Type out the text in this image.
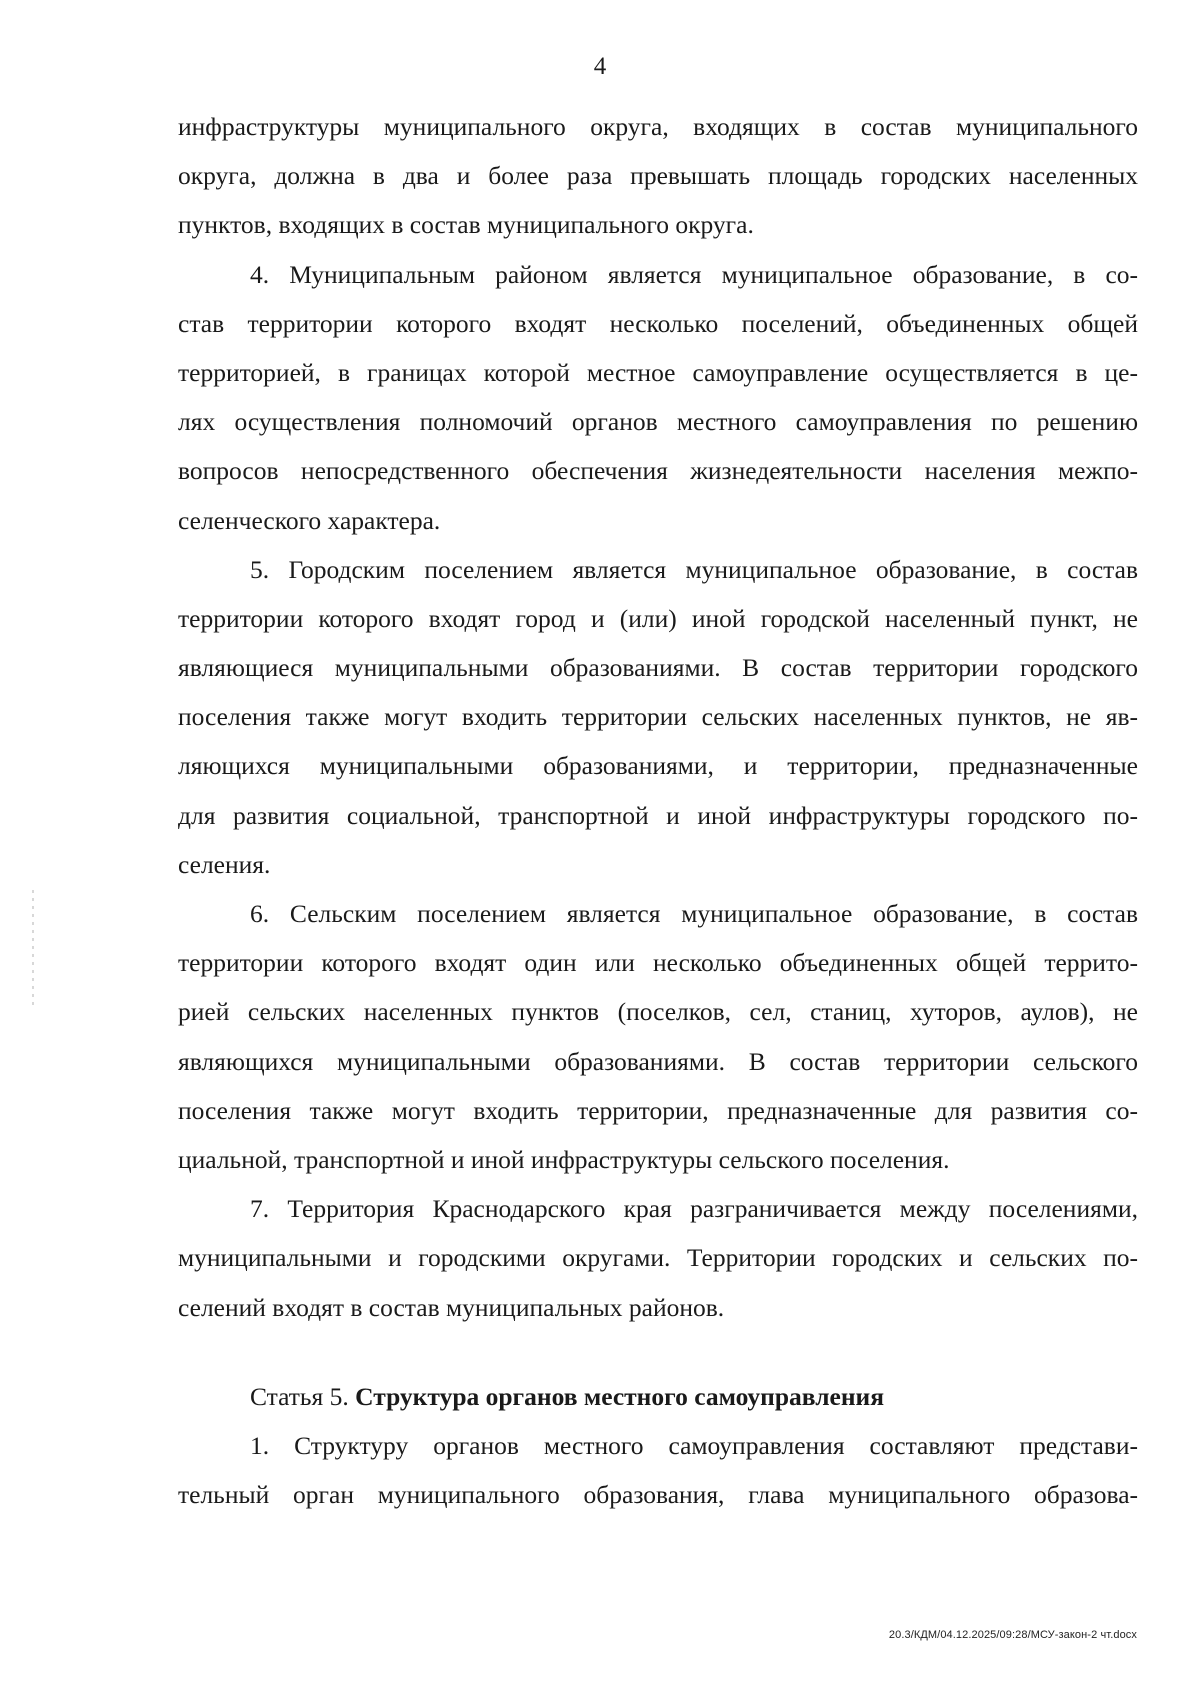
4
инфраструктуры муниципального округа, входящих в состав муниципального
округа, должна в два и более раза превышать площадь городских населенных
пунктов, входящих в состав муниципального округа.
4. Муниципальным районом является муниципальное образование, в со-
став территории которого входят несколько поселений, объединенных общей
территорией, в границах которой местное самоуправление осуществляется в це-
лях осуществления полномочий органов местного самоуправления по решению
вопросов непосредственного обеспечения жизнедеятельности населения межпо-
селенческого характера.
5. Городским поселением является муниципальное образование, в состав
территории которого входят город и (или) иной городской населенный пункт, не
являющиеся муниципальными образованиями. В состав территории городского
поселения также могут входить территории сельских населенных пунктов, не яв-
ляющихся муниципальными образованиями, и территории, предназначенные
для развития социальной, транспортной и иной инфраструктуры городского по-
селения.
6. Сельским поселением является муниципальное образование, в состав
территории которого входят один или несколько объединенных общей террито-
рией сельских населенных пунктов (поселков, сел, станиц, хуторов, аулов), не
являющихся муниципальными образованиями. В состав территории сельского
поселения также могут входить территории, предназначенные для развития со-
циальной, транспортной и иной инфраструктуры сельского поселения.
7. Территория Краснодарского края разграничивается между поселениями,
муниципальными и городскими округами. Территории городских и сельских по-
селений входят в состав муниципальных районов.
Статья 5. Структура органов местного самоуправления
1. Структуру органов местного самоуправления составляют представи-
тельный орган муниципального образования, глава муниципального образова-
20.3/КДМ/04.12.2025/09:28/МСУ-закон-2 чт.docx
